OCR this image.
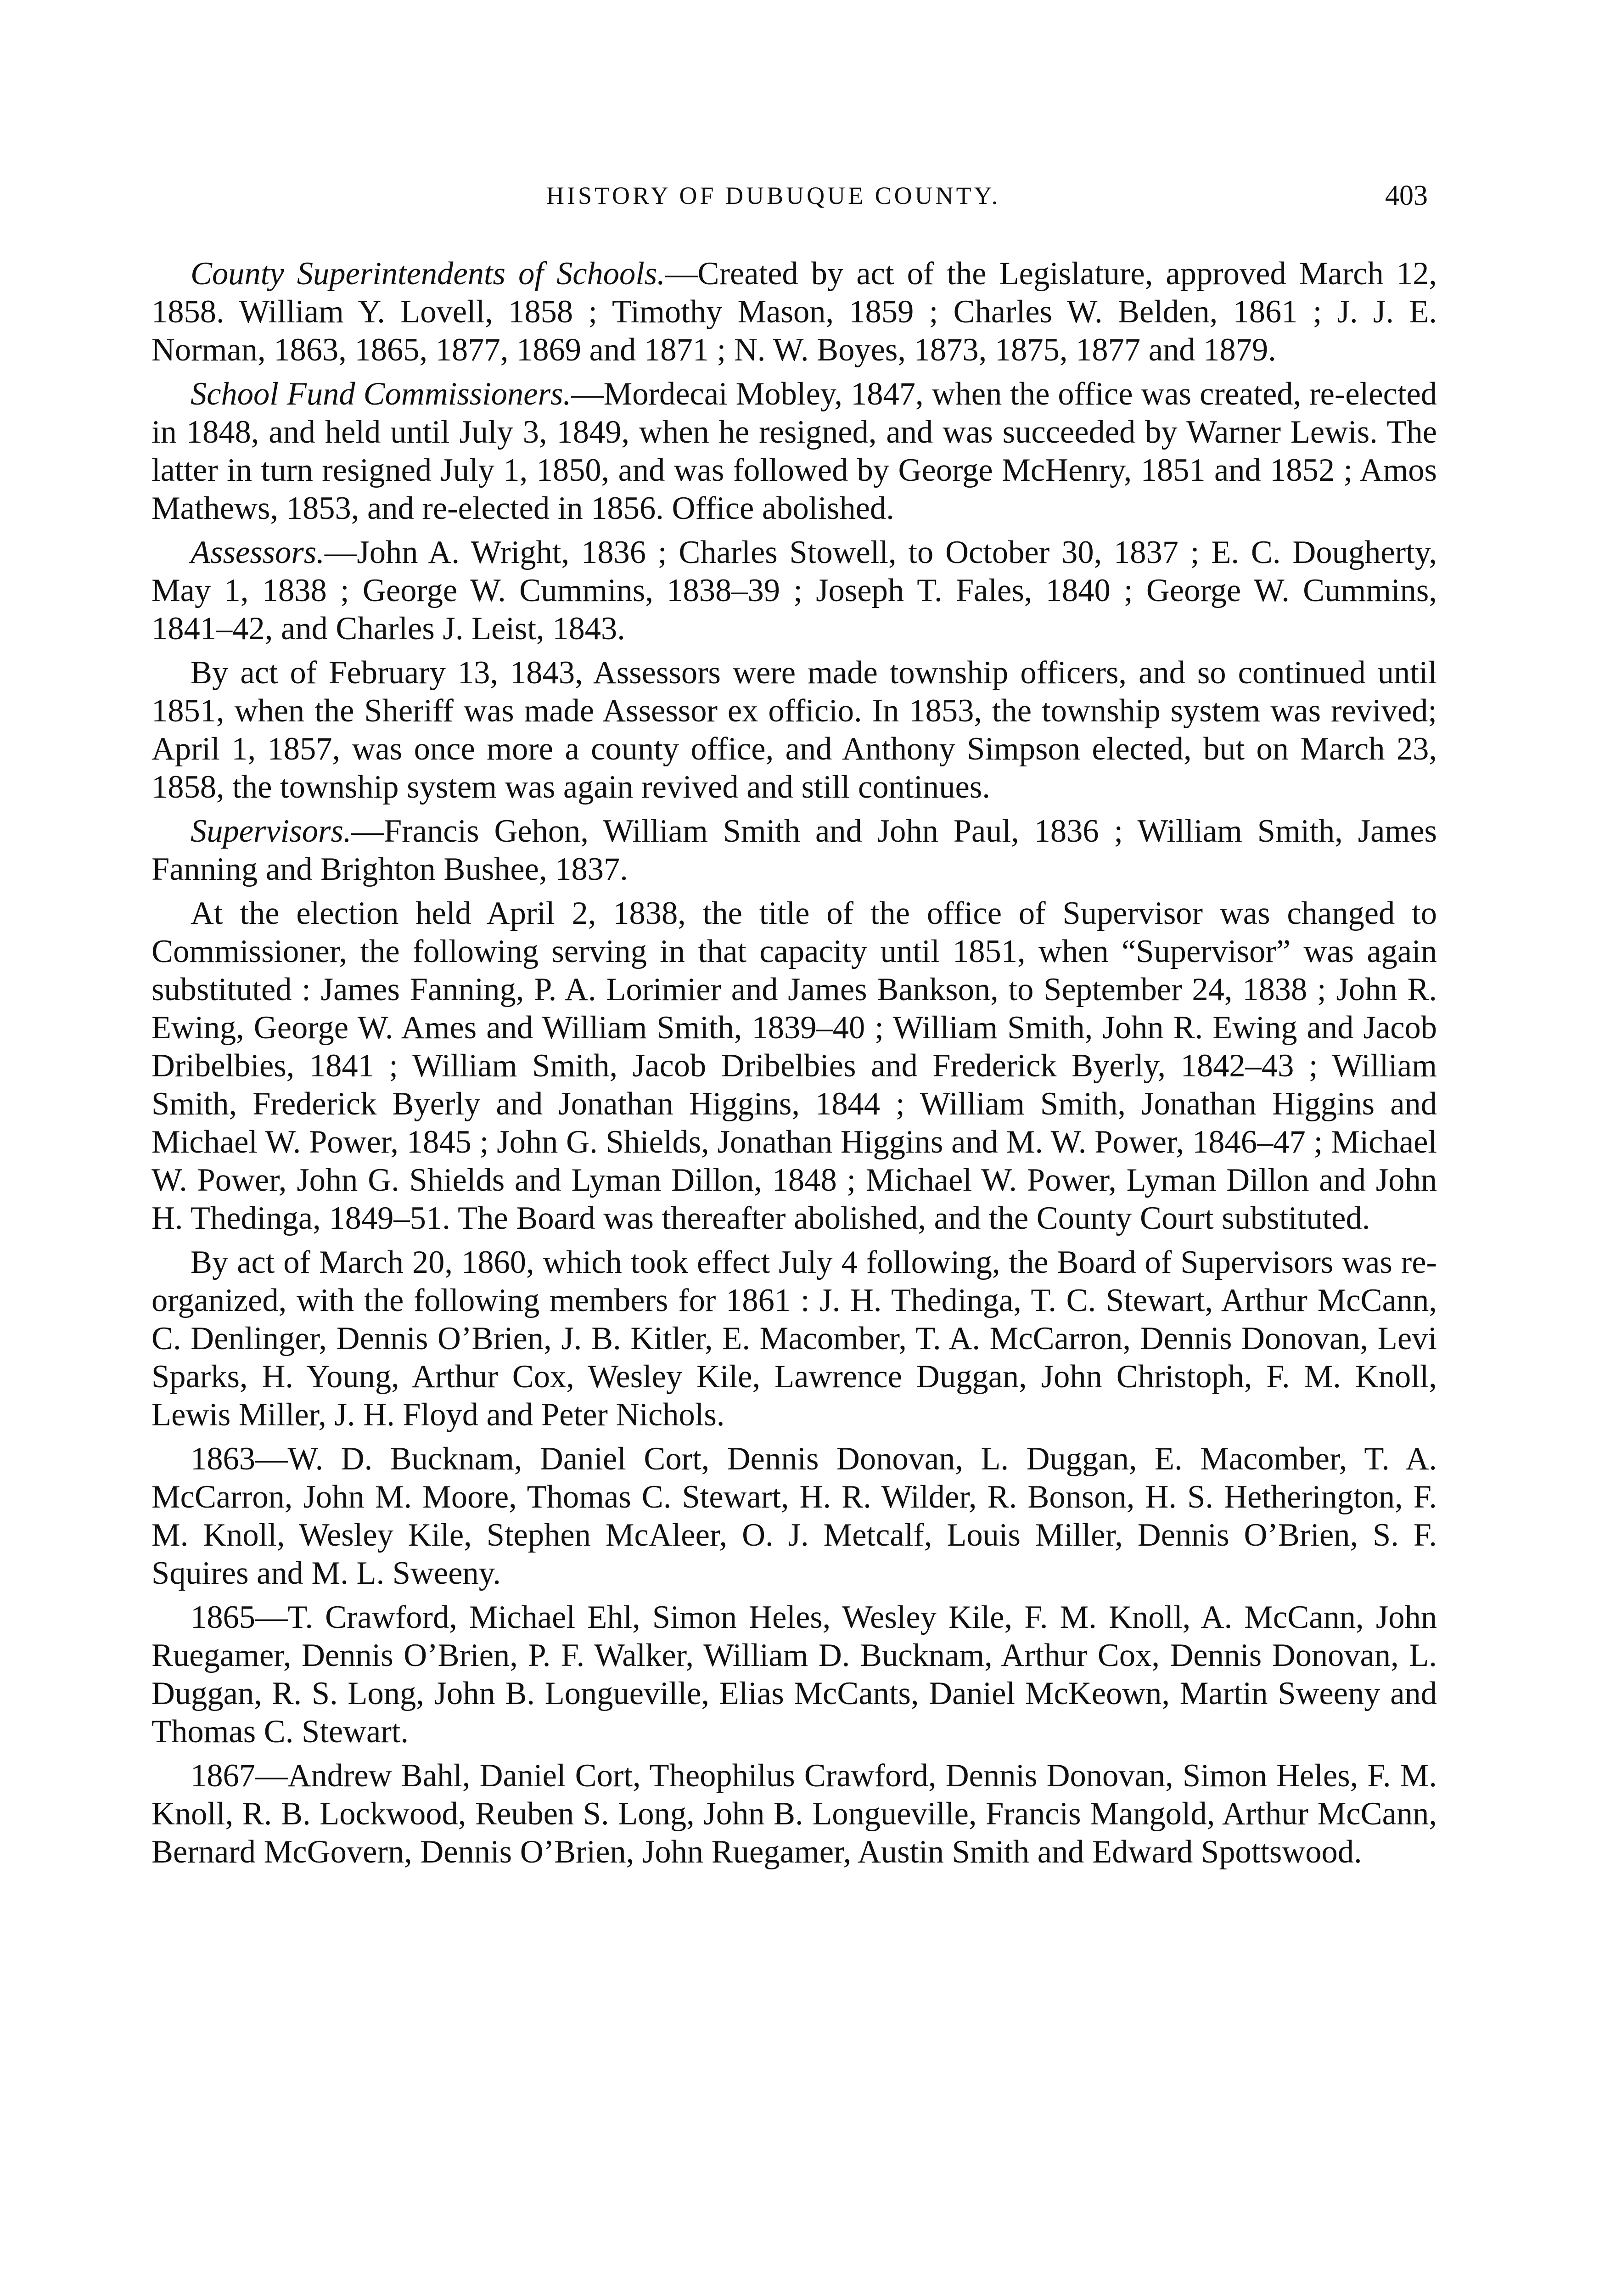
HISTORY OF DUBUQUE COUNTY.	403

County Superintendents of Schools.—Created by act of the Legislature, approved March 12, 1858. William Y. Lovell, 1858 ; Timothy Mason, 1859 ; Charles W. Belden, 1861 ; J. J. E. Norman, 1863, 1865, 1877, 1869 and 1871 ; N. W. Boyes, 1873, 1875, 1877 and 1879.

School Fund Commissioners.—Mordecai Mobley, 1847, when the office was created, re-elected in 1848, and held until July 3, 1849, when he resigned, and was succeeded by Warner Lewis. The latter in turn resigned July 1, 1850, and was followed by George McHenry, 1851 and 1852 ; Amos Mathews, 1853, and re-elected in 1856. Office abolished.

Assessors.—John A. Wright, 1836 ; Charles Stowell, to October 30, 1837 ; E. C. Dougherty, May 1, 1838 ; George W. Cummins, 1838–39 ; Joseph T. Fales, 1840 ; George W. Cummins, 1841–42, and Charles J. Leist, 1843.

By act of February 13, 1843, Assessors were made township officers, and so continued until 1851, when the Sheriff was made Assessor ex officio. In 1853, the township system was revived; April 1, 1857, was once more a county office, and Anthony Simpson elected, but on March 23, 1858, the township system was again revived and still continues.

Supervisors.—Francis Gehon, William Smith and John Paul, 1836 ; William Smith, James Fanning and Brighton Bushee, 1837.

At the election held April 2, 1838, the title of the office of Supervisor was changed to Commissioner, the following serving in that capacity until 1851, when “Supervisor” was again substituted : James Fanning, P. A. Lorimier and James Bankson, to September 24, 1838 ; John R. Ewing, George W. Ames and William Smith, 1839–40 ; William Smith, John R. Ewing and Jacob Dribelbies, 1841 ; William Smith, Jacob Dribelbies and Frederick Byerly, 1842–43 ; William Smith, Frederick Byerly and Jonathan Higgins, 1844 ; William Smith, Jonathan Higgins and Michael W. Power, 1845 ; John G. Shields, Jonathan Higgins and M. W. Power, 1846–47 ; Michael W. Power, John G. Shields and Lyman Dillon, 1848 ; Michael W. Power, Lyman Dillon and John H. Thedinga, 1849–51. The Board was thereafter abolished, and the County Court substituted.

By act of March 20, 1860, which took effect July 4 following, the Board of Supervisors was re-organized, with the following members for 1861 : J. H. Thedinga, T. C. Stewart, Arthur McCann, C. Denlinger, Dennis O’Brien, J. B. Kitler, E. Macomber, T. A. McCarron, Dennis Donovan, Levi Sparks, H. Young, Arthur Cox, Wesley Kile, Lawrence Duggan, John Christoph, F. M. Knoll, Lewis Miller, J. H. Floyd and Peter Nichols.

1863—W. D. Bucknam, Daniel Cort, Dennis Donovan, L. Duggan, E. Macomber, T. A. McCarron, John M. Moore, Thomas C. Stewart, H. R. Wilder, R. Bonson, H. S. Hetherington, F. M. Knoll, Wesley Kile, Stephen McAleer, O. J. Metcalf, Louis Miller, Dennis O’Brien, S. F. Squires and M. L. Sweeny.

1865—T. Crawford, Michael Ehl, Simon Heles, Wesley Kile, F. M. Knoll, A. McCann, John Ruegamer, Dennis O’Brien, P. F. Walker, William D. Bucknam, Arthur Cox, Dennis Donovan, L. Duggan, R. S. Long, John B. Longueville, Elias McCants, Daniel McKeown, Martin Sweeny and Thomas C. Stewart.

1867—Andrew Bahl, Daniel Cort, Theophilus Crawford, Dennis Donovan, Simon Heles, F. M. Knoll, R. B. Lockwood, Reuben S. Long, John B. Longueville, Francis Mangold, Arthur McCann, Bernard McGovern, Dennis O’Brien, John Ruegamer, Austin Smith and Edward Spottswood.
